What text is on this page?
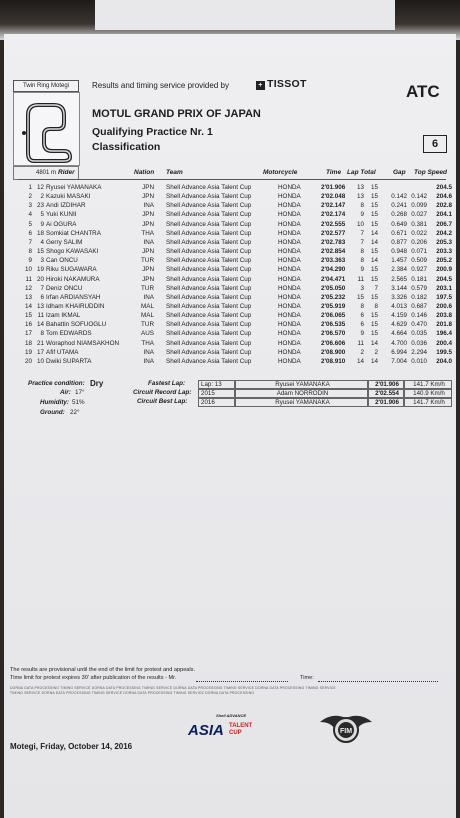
Twin Ring Motegi
4801 m
Results and timing service provided by	+ TISSOT	ATC
MOTUL GRAND PRIX OF JAPAN
Qualifying Practice Nr. 1
Classification	6
Rider	Nation Team	Motorcycle	Time Lap Total	Gap Top Speed
1 12 Ryusei YAMANAKA	JPN Shell Advance Asia Talent Cup	HONDA	2'01.906	13	15	204.5
2	2 Kazuki MASAKI	JPN Shell Advance Asia Talent Cup	HONDA	2'02.048	13	15	0.142 0.142	204.6
3 23 Andi IZDIHAR	INA Shell Advance Asia Talent Cup	HONDA	2'02.147	8	15	0.241 0.099	202.8
4	5 Yuki KUNII	JPN Shell Advance Asia Talent Cup	HONDA	2'02.174	9	15	0.268 0.027	204.1
5	9 Ai OGURA	JPN Shell Advance Asia Talent Cup	HONDA	2'02.555	10	15	0.649 0.381	206.7
6 18 Somkiat CHANTRA	THA Shell Advance Asia Talent Cup	HONDA	2'02.577	7	14	0.671 0.022	204.2
7	4 Gerry SALIM	INA Shell Advance Asia Talent Cup	HONDA	2'02.783	7	14	0.877 0.206	205.3
8 15 Shogo KAWASAKI	JPN Shell Advance Asia Talent Cup	HONDA	2'02.854	8	15	0.948 0.071	203.3
9	3 Can ONCU	TUR Shell Advance Asia Talent Cup	HONDA	2'03.363	8	14	1.457 0.509	205.2
10 19 Riku SUGAWARA	JPN Shell Advance Asia Talent Cup	HONDA	2'04.290	9	15	2.384 0.927	200.9
11 20 Hiroki NAKAMURA	JPN Shell Advance Asia Talent Cup	HONDA	2'04.471	11	15	2.565 0.181	204.5
12	7 Deniz ONCU	TUR Shell Advance Asia Talent Cup	HONDA	2'05.050	3	7	3.144 0.579	203.1
13	6 Irfan ARDIANSYAH	INA Shell Advance Asia Talent Cup	HONDA	2'05.232	15	15	3.326 0.182	197.5
14 13 Idham KHAIRUDDIN	MAL Shell Advance Asia Talent Cup	HONDA	2'05.919	8	8	4.013 0.687	200.6
15 11 Izam IKMAL	MAL Shell Advance Asia Talent Cup	HONDA	2'06.065	6	15	4.159 0.146	203.8
16 14 Bahattin SOFUOGLU	TUR Shell Advance Asia Talent Cup	HONDA	2'06.535	6	15	4.629 0.470	201.8
17	8 Tom EDWARDS	AUS Shell Advance Asia Talent Cup	HONDA	2'06.570	9	15	4.664 0.035	196.4
18 21 Woraphod NIAMSAKHON	THA Shell Advance Asia Talent Cup	HONDA	2'06.606	11	14	4.700 0.036	200.4
19 17 Afif UTAMA	INA Shell Advance Asia Talent Cup	HONDA	2'08.900	2	2	6.994 2.294	199.5
20 10 Dwiki SUPARTA	INA Shell Advance Asia Talent Cup	HONDA	2'08.910	14	14	7.004 0.010	204.0
Practice condition: Dry
Air: 17°
Humidity: 51%
Ground: 22°
Fastest Lap:	Lap: 13	Ryusei YAMANAKA	2'01.906	141.7 Km/h
Circuit Record Lap:	2015	Adam NORRODIN	2'02.554	140.9 Km/h
Circuit Best Lap:	2016	Ryusei YAMANAKA	2'01.906	141.7 Km/h
The results are provisional until the end of the limit for protest and appeals.
Time limit for protest expires 30' after publication of the results - Mr.	Time:
DORNA DATA PROCESSING TIMING SERVICE DORNA DATA PROCESSING TIMING SERVICE DORNA DATA PROCESSING TIMING SERVICE DORNA DATA PROCESSING TIMING SERVICE
TIMING SERVICE DORNA DATA PROCESSING TIMING SERVICE DORNA DATA PROCESSING TIMING SERVICE DORNA DATA PROCESSING
Shell ADVANCE
ASIA TALENT
CUP	FIM
Motegi, Friday, October 14, 2016
